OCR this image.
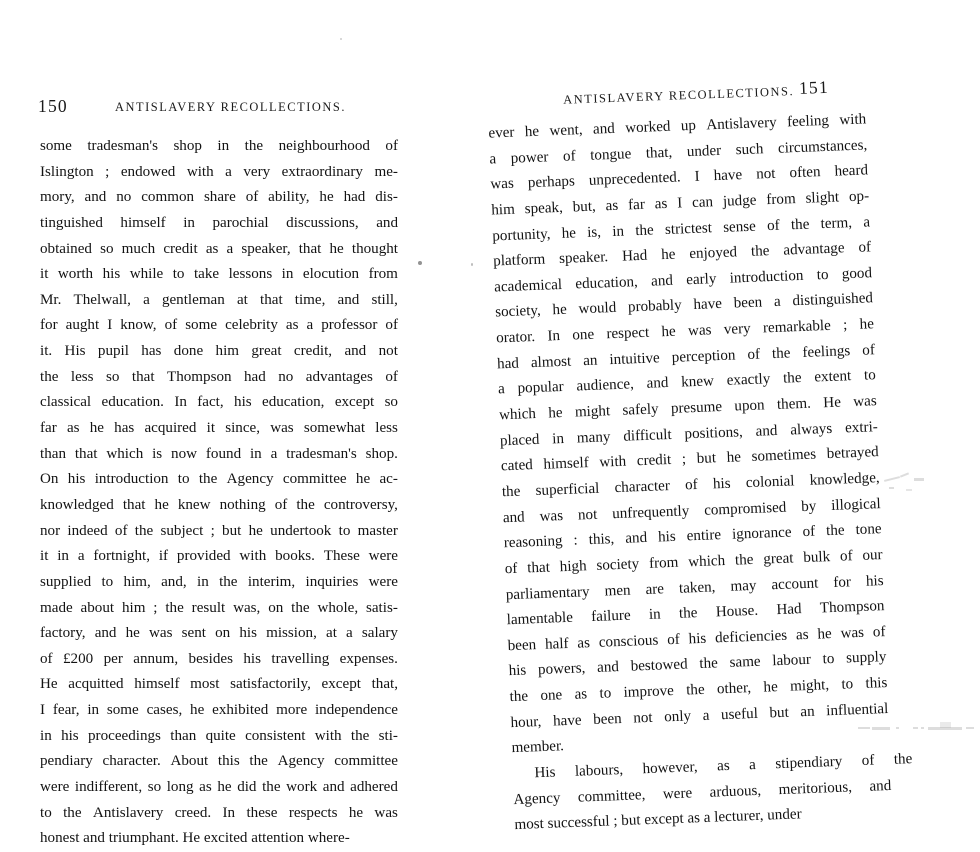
150	ANTISLAVERY RECOLLECTIONS.

some tradesman's shop in the neighbourhood of
Islington ; endowed with a very extraordinary me-
mory, and no common share of ability, he had dis-
tinguished himself in parochial discussions, and
obtained so much credit as a speaker, that he thought
it worth his while to take lessons in elocution from
Mr. Thelwall, a gentleman at that time, and still,
for aught I know, of some celebrity as a professor of
it. His pupil has done him great credit, and not
the less so that Thompson had no advantages of
classical education. In fact, his education, except so
far as he has acquired it since, was somewhat less
than that which is now found in a tradesman's shop.
On his introduction to the Agency committee he ac-
knowledged that he knew nothing of the controversy,
nor indeed of the subject ; but he undertook to master
it in a fortnight, if provided with books. These were
supplied to him, and, in the interim, inquiries were
made about him ; the result was, on the whole, satis-
factory, and he was sent on his mission, at a salary
of £200 per annum, besides his travelling expenses.
He acquitted himself most satisfactorily, except that,
I fear, in some cases, he exhibited more independence
in his proceedings than quite consistent with the sti-
pendiary character. About this the Agency committee
were indifferent, so long as he did the work and adhered
to the Antislavery creed. In these respects he was
honest and triumphant. He excited attention where-

ANTISLAVERY RECOLLECTIONS. 151

ever he went, and worked up Antislavery feeling with
a power of tongue that, under such circumstances,
was perhaps unprecedented. I have not often heard
him speak, but, as far as I can judge from slight op-
portunity, he is, in the strictest sense of the term, a
platform speaker. Had he enjoyed the advantage of
academical education, and early introduction to good
society, he would probably have been a distinguished
orator. In one respect he was very remarkable ; he
had almost an intuitive perception of the feelings of
a popular audience, and knew exactly the extent to
which he might safely presume upon them. He was
placed in many difficult positions, and always extri-
cated himself with credit ; but he sometimes betrayed
the superficial character of his colonial knowledge,
and was not unfrequently compromised by illogical
reasoning : this, and his entire ignorance of the tone
of that high society from which the great bulk of our
parliamentary men are taken, may account for his
lamentable failure in the House. Had Thompson
been half as conscious of his deficiencies as he was of
his powers, and bestowed the same labour to supply
the one as to improve the other, he might, to this
hour, have been not only a useful but an influential
member.
His labours, however, as a stipendiary of the
Agency committee, were arduous, meritorious, and
most successful ; but except as a lecturer, under
